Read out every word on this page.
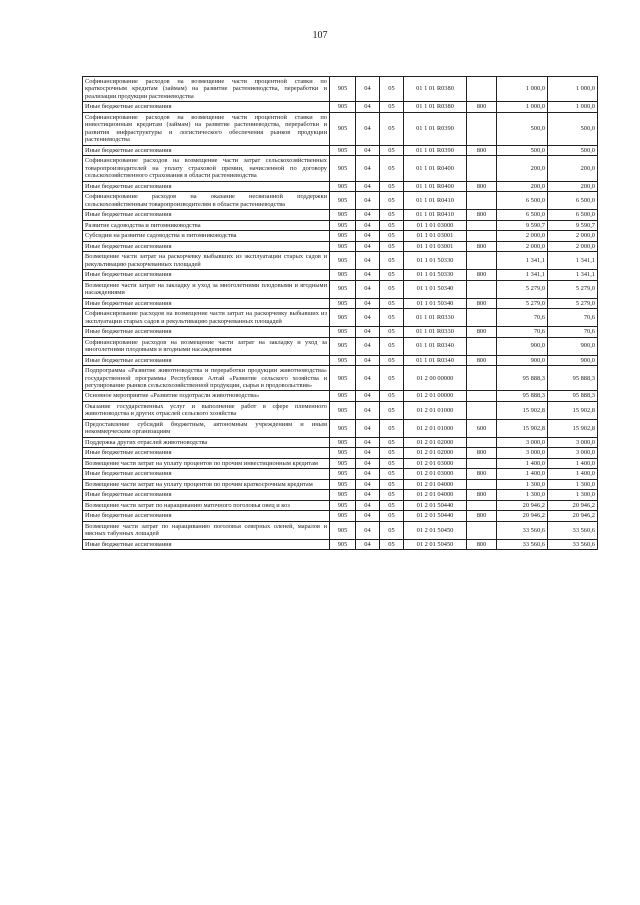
107
Софинансирование расходов на возмещение части процентной ставки по краткосрочным кредитам (займам) на развитие растениеводства, переработки и реализации продукции растениеводства	905	04	05	01 1 01 R0380		1 000,0	1 000,0
Иные бюджетные ассигнования	905	04	05	01 1 01 R0380	800	1 000,0	1 000,0
Софинансирование расходов на возмещение части процентной ставки по инвестиционным кредитам (займам) на развитие растениеводства, переработки и развития инфраструктуры и логистического обеспечения рынков продукции растениеводства	905	04	05	01 1 01 R0390		500,0	500,0
Иные бюджетные ассигнования	905	04	05	01 1 01 R0390	800	500,0	500,0
Софинансирование расходов на возмещение части затрат сельскохозяйственных товаропроизводителей на уплату страховой премии, начисленной по договору сельскохозяйственного страхования в области растениеводства	905	04	05	01 1 01 R0400		200,0	200,0
Иные бюджетные ассигнования	905	04	05	01 1 01 R0400	800	200,0	200,0
Софинансирование расходов на оказание несвязанной поддержки сельскохозяйственным товаропроизводителям в области растениеводства	905	04	05	01 1 01 R0410		6 500,0	6 500,0
Иные бюджетные ассигнования	905	04	05	01 1 01 R0410	800	6 500,0	6 500,0
Развитие садоводства и питомниководства	905	04	05	01 1 01 03000		9 590,7	9 590,7
Субсидии на развитие садоводства и питомниководства	905	04	05	01 1 01 03001		2 000,0	2 000,0
Иные бюджетные ассигнования	905	04	05	01 1 01 03001	800	2 000,0	2 000,0
Возмещение части затрат на раскорчевку выбывших из эксплуатации старых садов и рекультивацию раскорчеванных площадей	905	04	05	01 1 01 50330		1 341,1	1 341,1
Иные бюджетные ассигнования	905	04	05	01 1 01 50330	800	1 341,1	1 341,1
Возмещение части затрат на закладку и уход за многолетними плодовыми и ягодными насаждениями	905	04	05	01 1 01 50340		5 279,0	5 279,0
Иные бюджетные ассигнования	905	04	05	01 1 01 50340	800	5 279,0	5 279,0
Софинансирование расходов на возмещение части затрат на раскорчевку выбывших из эксплуатации старых садов и рекультивацию раскорчеванных площадей	905	04	05	01 1 01 R0330		70,6	70,6
Иные бюджетные ассигнования	905	04	05	01 1 01 R0330	800	70,6	70,6
Софинансирование расходов на возмещение части затрат на закладку и уход за многолетними плодовыми и ягодными насаждениями	905	04	05	01 1 01 R0340		900,0	900,0
Иные бюджетные ассигнования	905	04	05	01 1 01 R0340	800	900,0	900,0
Подпрограмма «Развитие животноводства и переработки продукции животноводства» государственной программы Республики Алтай «Развитие сельского хозяйства и регулирование рынков сельскохозяйственной продукции, сырья и продовольствия»	905	04	05	01 2 00 00000		95 888,3	95 888,3
Основное мероприятие «Развитие подотрасли животноводства»	905	04	05	01 2 01 00000		95 888,3	95 888,3
Оказание государственных услуг и выполнение работ в сфере племенного животноводства и других отраслей сельского хозяйства	905	04	05	01 2 01 01000		15 902,8	15 902,8
Предоставление субсидий бюджетным, автономным учреждениям и иным некоммерческим организациям	905	04	05	01 2 01 01000	600	15 902,8	15 902,8
Поддержка других отраслей животноводства	905	04	05	01 2 01 02000		3 000,0	3 000,0
Иные бюджетные ассигнования	905	04	05	01 2 01 02000	800	3 000,0	3 000,0
Возмещение части затрат на уплату процентов по прочим инвестиционным кредитам	905	04	05	01 2 01 03000		1 400,0	1 400,0
Иные бюджетные ассигнования	905	04	05	01 2 01 03000	800	1 400,0	1 400,0
Возмещение части затрат на уплату процентов по прочим краткосрочным кредитам	905	04	05	01 2 01 04000		1 300,0	1 300,0
Иные бюджетные ассигнования	905	04	05	01 2 01 04000	800	1 300,0	1 300,0
Возмещение части затрат по наращиванию маточного поголовья овец и коз	905	04	05	01 2 01 50440		20 946,2	20 946,2
Иные бюджетные ассигнования	905	04	05	01 2 01 50440	800	20 946,2	20 946,2
Возмещение части затрат по наращиванию поголовья северных оленей, маралов и мясных табунных лошадей	905	04	05	01 2 01 50450		33 560,6	33 560,6
Иные бюджетные ассигнования	905	04	05	01 2 01 50450	800	33 560,6	33 560,6
